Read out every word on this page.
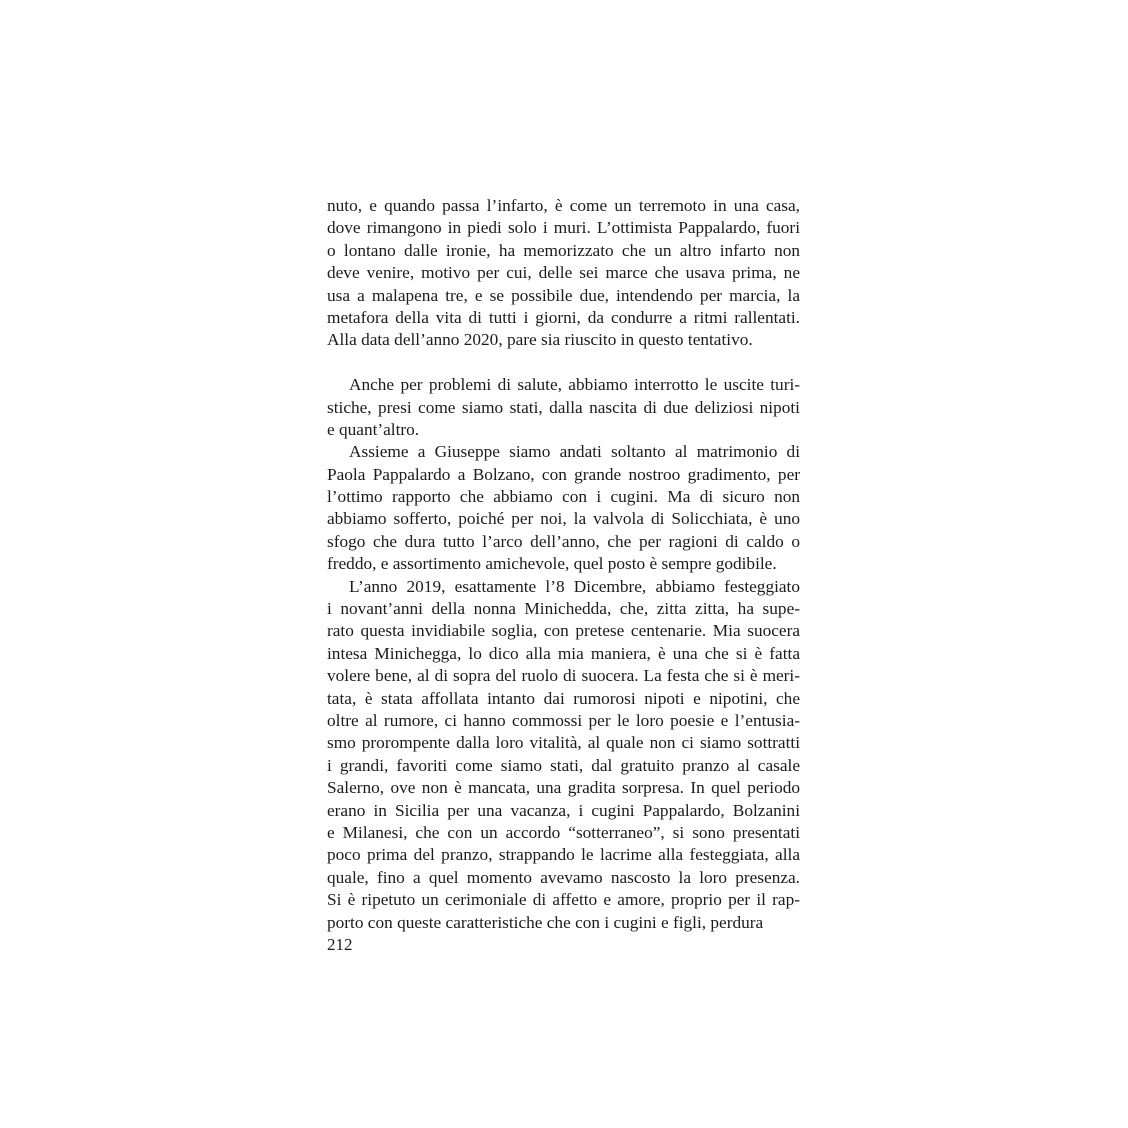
nuto, e quando passa l’infarto, è come un terremoto in una casa,
dove rimangono in piedi solo i muri. L’ottimista Pappalardo, fuori
o lontano dalle ironie, ha memorizzato che un altro infarto non
deve venire, motivo per cui, delle sei marce che usava prima, ne
usa a malapena tre, e se possibile due, intendendo per marcia, la
metafora della vita di tutti i giorni, da condurre a ritmi rallentati.
Alla data dell’anno 2020, pare sia riuscito in questo tentativo.
Anche per problemi di salute, abbiamo interrotto le uscite turi-
stiche, presi come siamo stati, dalla nascita di due deliziosi nipoti
e quant’altro.
Assieme a Giuseppe siamo andati soltanto al matrimonio di
Paola Pappalardo a Bolzano, con grande nostroo gradimento, per
l’ottimo rapporto che abbiamo con i cugini. Ma di sicuro non
abbiamo sofferto, poiché per noi, la valvola di Solicchiata, è uno
sfogo che dura tutto l’arco dell’anno, che per ragioni di caldo o
freddo, e assortimento amichevole, quel posto è sempre godibile.
L’anno 2019, esattamente l’8 Dicembre, abbiamo festeggiato
i novant’anni della nonna Minichedda, che, zitta zitta, ha supe-
rato questa invidiabile soglia, con pretese centenarie. Mia suocera
intesa Minichegga, lo dico alla mia maniera, è una che si è fatta
volere bene, al di sopra del ruolo di suocera. La festa che si è meri-
tata, è stata affollata intanto dai rumorosi nipoti e nipotini, che
oltre al rumore, ci hanno commossi per le loro poesie e l’entusia-
smo prorompente dalla loro vitalità, al quale non ci siamo sottratti
i grandi, favoriti come siamo stati, dal gratuito pranzo al casale
Salerno, ove non è mancata, una gradita sorpresa. In quel periodo
erano in Sicilia per una vacanza, i cugini Pappalardo, Bolzanini
e Milanesi, che con un accordo “sotterraneo”, si sono presentati
poco prima del pranzo, strappando le lacrime alla festeggiata, alla
quale, fino a quel momento avevamo nascosto la loro presenza.
Si è ripetuto un cerimoniale di affetto e amore, proprio per il rap-
porto con queste caratteristiche che con i cugini e figli, perdura
212
